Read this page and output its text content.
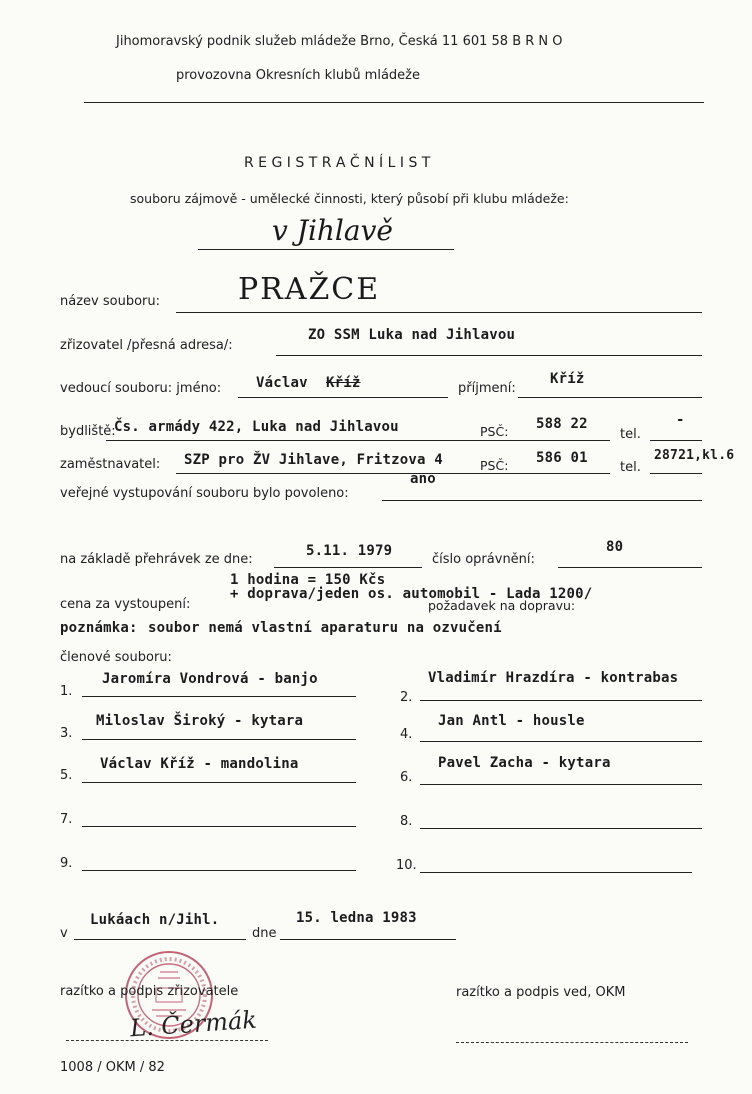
Jihomoravský podnik služeb mládeže Brno, Česká 11 601 58 B R N O
provozovna Okresních klubů mládeže
R E G I S T R A Č N Í L I S T
souboru zájmově - umělecké činnosti, který působí při klubu mládeže:
v Jihlavě
název souboru:	PRAŽCE
zřizovatel /přesná adresa/:
ZO SSM Luka nad Jihlavou
vedoucí souboru: jméno: Václav Kříž	příjmení:
Kříž
bydliště:
Čs. armády 422, Luka nad Jihlavou	PSČ: 588 22
tel.
-
zaměstnavatel: SZP pro ŽV Jihlave, Fritzova 4	PSČ: 586 01
tel.
28721,kl.6
veřejné vystupování souboru bylo povoleno:
ano
na základě přehrávek ze dne:
5.11. 1979
číslo oprávnění:
80
1 hodina = 150 Kčs
cena za vystoupení:
+ doprava/jeden os. automobil - Lada 1200/
požadavek na dopravu:
poznámka: soubor nemá vlastní aparaturu na ozvučení
členové souboru:
1.
Jaromíra Vondrová - banjo
3.
Miloslav Široký - kytara
5.
Václav Kříž - mandolina
7.
9.
2.
Vladimír Hrazdíra - kontrabas
4.
Jan Antl - housle
6.
Pavel Zacha - kytara
8.
10.
v
Lukáach n/Jihl.
dne
15. ledna 1983
razítko a podpis zřizovatele	razítko a podpis ved, OKM
L. Čermák
1008 / OKM / 82
